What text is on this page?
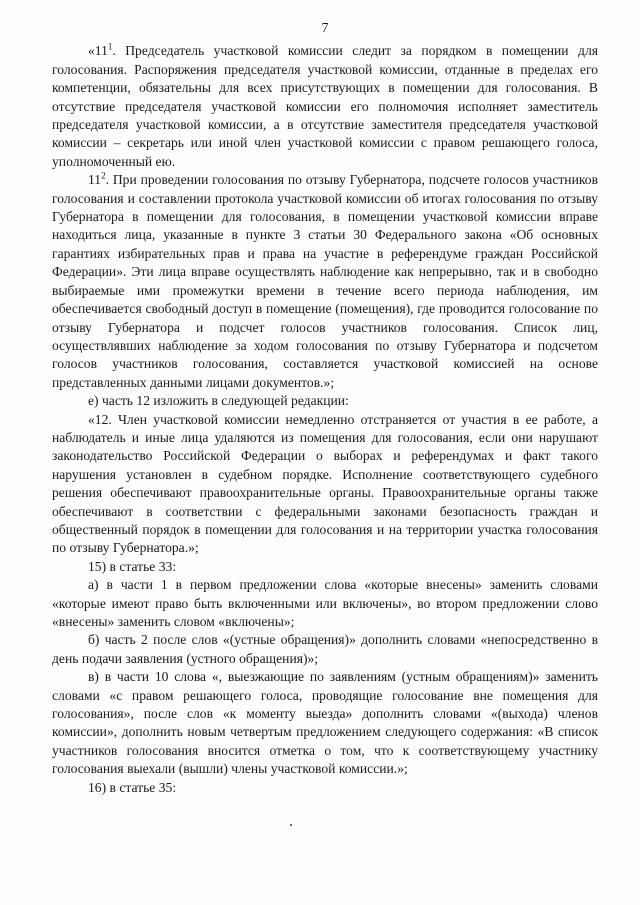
7

«$11^1$. Председатель участковой комиссии следит за порядком в помещении для голосования. Распоряжения председателя участковой комиссии, отданные в пределах его компетенции, обязательны для всех присутствующих в помещении для голосования. В отсутствие председателя участковой комиссии его полномочия исполняет заместитель председателя участковой комиссии, а в отсутствие заместителя председателя участковой комиссии – секретарь или иной член участковой комиссии с правом решающего голоса, уполномоченный ею.

$11^2$. При проведении голосования по отзыву Губернатора, подсчете голосов участников голосования и составлении протокола участковой комиссии об итогах голосования по отзыву Губернатора в помещении для голосования, в помещении участковой комиссии вправе находиться лица, указанные в пункте 3 статьи 30 Федерального закона «Об основных гарантиях избирательных прав и права на участие в референдуме граждан Российской Федерации». Эти лица вправе осуществлять наблюдение как непрерывно, так и в свободно выбираемые ими промежутки времени в течение всего периода наблюдения, им обеспечивается свободный доступ в помещение (помещения), где проводится голосование по отзыву Губернатора и подсчет голосов участников голосования. Список лиц, осуществлявших наблюдение за ходом голосования по отзыву Губернатора и подсчетом голосов участников голосования, составляется участковой комиссией на основе представленных данными лицами документов.»;

е) часть 12 изложить в следующей редакции:

«12. Член участковой комиссии немедленно отстраняется от участия в ее работе, а наблюдатель и иные лица удаляются из помещения для голосования, если они нарушают законодательство Российской Федерации о выборах и референдумах и факт такого нарушения установлен в судебном порядке. Исполнение соответствующего судебного решения обеспечивают правоохранительные органы. Правоохранительные органы также обеспечивают в соответствии с федеральными законами безопасность граждан и общественный порядок в помещении для голосования и на территории участка голосования по отзыву Губернатора.»;

15) в статье 33:

а) в части 1 в первом предложении слова «которые внесены» заменить словами «которые имеют право быть включенными или включены», во втором предложении слово «внесены» заменить словом «включены»;

б) часть 2 после слов «(устные обращения)» дополнить словами «непосредственно в день подачи заявления (устного обращения)»;

в) в части 10 слова «, выезжающие по заявлениям (устным обращениям)» заменить словами «с правом решающего голоса, проводящие голосование вне помещения для голосования», после слов «к моменту выезда» дополнить словами «(выхода) членов комиссии», дополнить новым четвертым предложением следующего содержания: «В список участников голосования вносится отметка о том, что к соответствующему участнику голосования выехали (вышли) члены участковой комиссии.»;

16) в статье 35:
